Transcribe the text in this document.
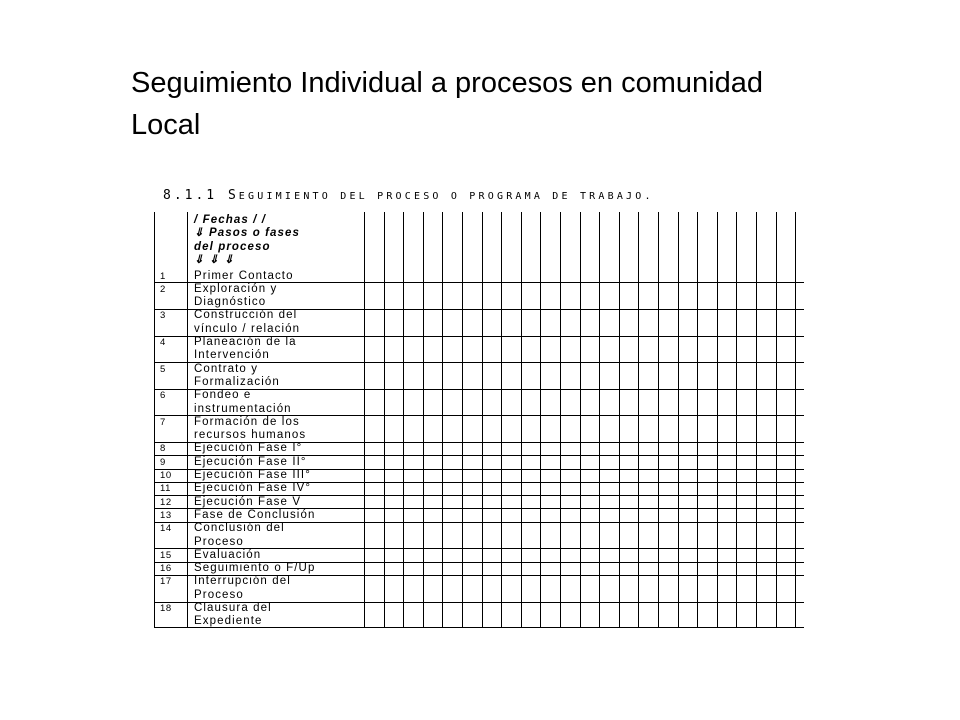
Seguimiento Individual a procesos en comunidad Local
8.1.1 SEGUIMIENTO DEL PROCESO O PROGRAMA DE TRABAJO.
/ Fechas / /
⇓ Pasos o fases
del proceso
⇓ ⇓ ⇓
1 Primer Contacto
2 Exploración y
Diagnóstico
3 Construcción del
vínculo / relación
4 Planeación de la
Intervención
5 Contrato y
Formalización
6 Fondeo e
instrumentación
7 Formación de los
recursos humanos
8 Ejecución Fase I°
9 Ejecución Fase II°
10 Ejecución Fase III°
11 Ejecución Fase IV°
12 Ejecución Fase V
13 Fase de Conclusión
14 Conclusión del
Proceso
15 Evaluación
16 Seguimiento o F/Up
17 Interrupción del
Proceso
18 Clausura del
Expediente
